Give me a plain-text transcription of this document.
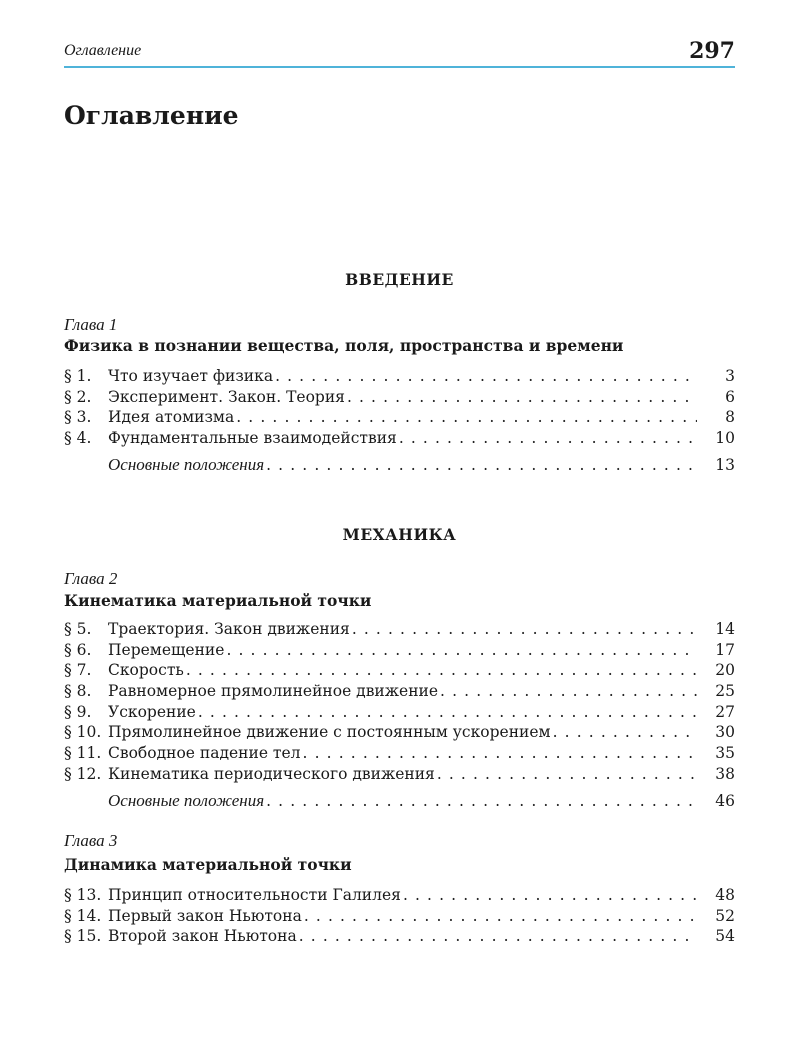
Оглавление	297
Оглавление
ВВЕДЕНИЕ
Глава 1
Физика в познании вещества, поля, пространства и времени
§ 1.	Что изучает физика . . .	3
§ 2.	Эксперимент. Закон. Теория . . .	6
§ 3.	Идея атомизма . . .	8
§ 4.	Фундаментальные взаимодействия . . .	10
Основные положения . . .	13
МЕХАНИКА
Глава 2
Кинематика материальной точки
§ 5.	Траектория. Закон движения . . .	14
§ 6.	Перемещение . . .	17
§ 7.	Скорость . . .	20
§ 8.	Равномерное прямолинейное движение . . .	25
§ 9.	Ускорение . . .	27
§ 10. Прямолинейное движение с постоянным ускорением . . .	30
§ 11. Свободное падение тел . . .	35
§ 12. Кинематика периодического движения . . .	38
Основные положения . . .	46
Глава 3
Динамика материальной точки
§ 13. Принцип относительности Галилея . . .	48
§ 14. Первый закон Ньютона . . .	52
§ 15. Второй закон Ньютона . . .	54
